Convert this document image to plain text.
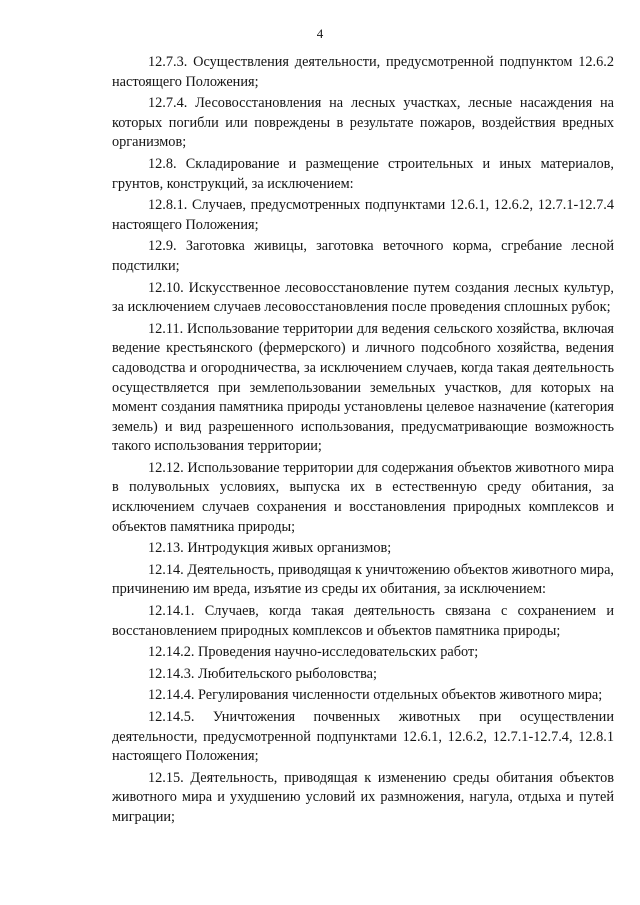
4

12.7.3. Осуществления деятельности, предусмотренной подпунктом 12.6.2 настоящего Положения;

12.7.4. Лесовосстановления на лесных участках, лесные насаждения на которых погибли или повреждены в результате пожаров, воздействия вредных организмов;

12.8. Складирование и размещение строительных и иных материалов, грунтов, конструкций, за исключением:

12.8.1. Случаев, предусмотренных подпунктами 12.6.1, 12.6.2, 12.7.1-12.7.4 настоящего Положения;

12.9. Заготовка живицы, заготовка веточного корма, сгребание лесной подстилки;

12.10. Искусственное лесовосстановление путем создания лесных культур, за исключением случаев лесовосстановления после проведения сплошных рубок;

12.11. Использование территории для ведения сельского хозяйства, включая ведение крестьянского (фермерского) и личного подсобного хозяйства, ведения садоводства и огородничества, за исключением случаев, когда такая деятельность осуществляется при землепользовании земельных участков, для которых на момент создания памятника природы установлены целевое назначение (категория земель) и вид разрешенного использования, предусматривающие возможность такого использования территории;

12.12. Использование территории для содержания объектов животного мира в полувольных условиях, выпуска их в естественную среду обитания, за исключением случаев сохранения и восстановления природных комплексов и объектов памятника природы;

12.13. Интродукция живых организмов;

12.14. Деятельность, приводящая к уничтожению объектов животного мира, причинению им вреда, изъятие из среды их обитания, за исключением:

12.14.1. Случаев, когда такая деятельность связана с сохранением и восстановлением природных комплексов и объектов памятника природы;

12.14.2. Проведения научно-исследовательских работ;

12.14.3. Любительского рыболовства;

12.14.4. Регулирования численности отдельных объектов животного мира;

12.14.5. Уничтожения почвенных животных при осуществлении деятельности, предусмотренной подпунктами 12.6.1, 12.6.2, 12.7.1-12.7.4, 12.8.1 настоящего Положения;

12.15. Деятельность, приводящая к изменению среды обитания объектов животного мира и ухудшению условий их размножения, нагула, отдыха и путей миграции;
